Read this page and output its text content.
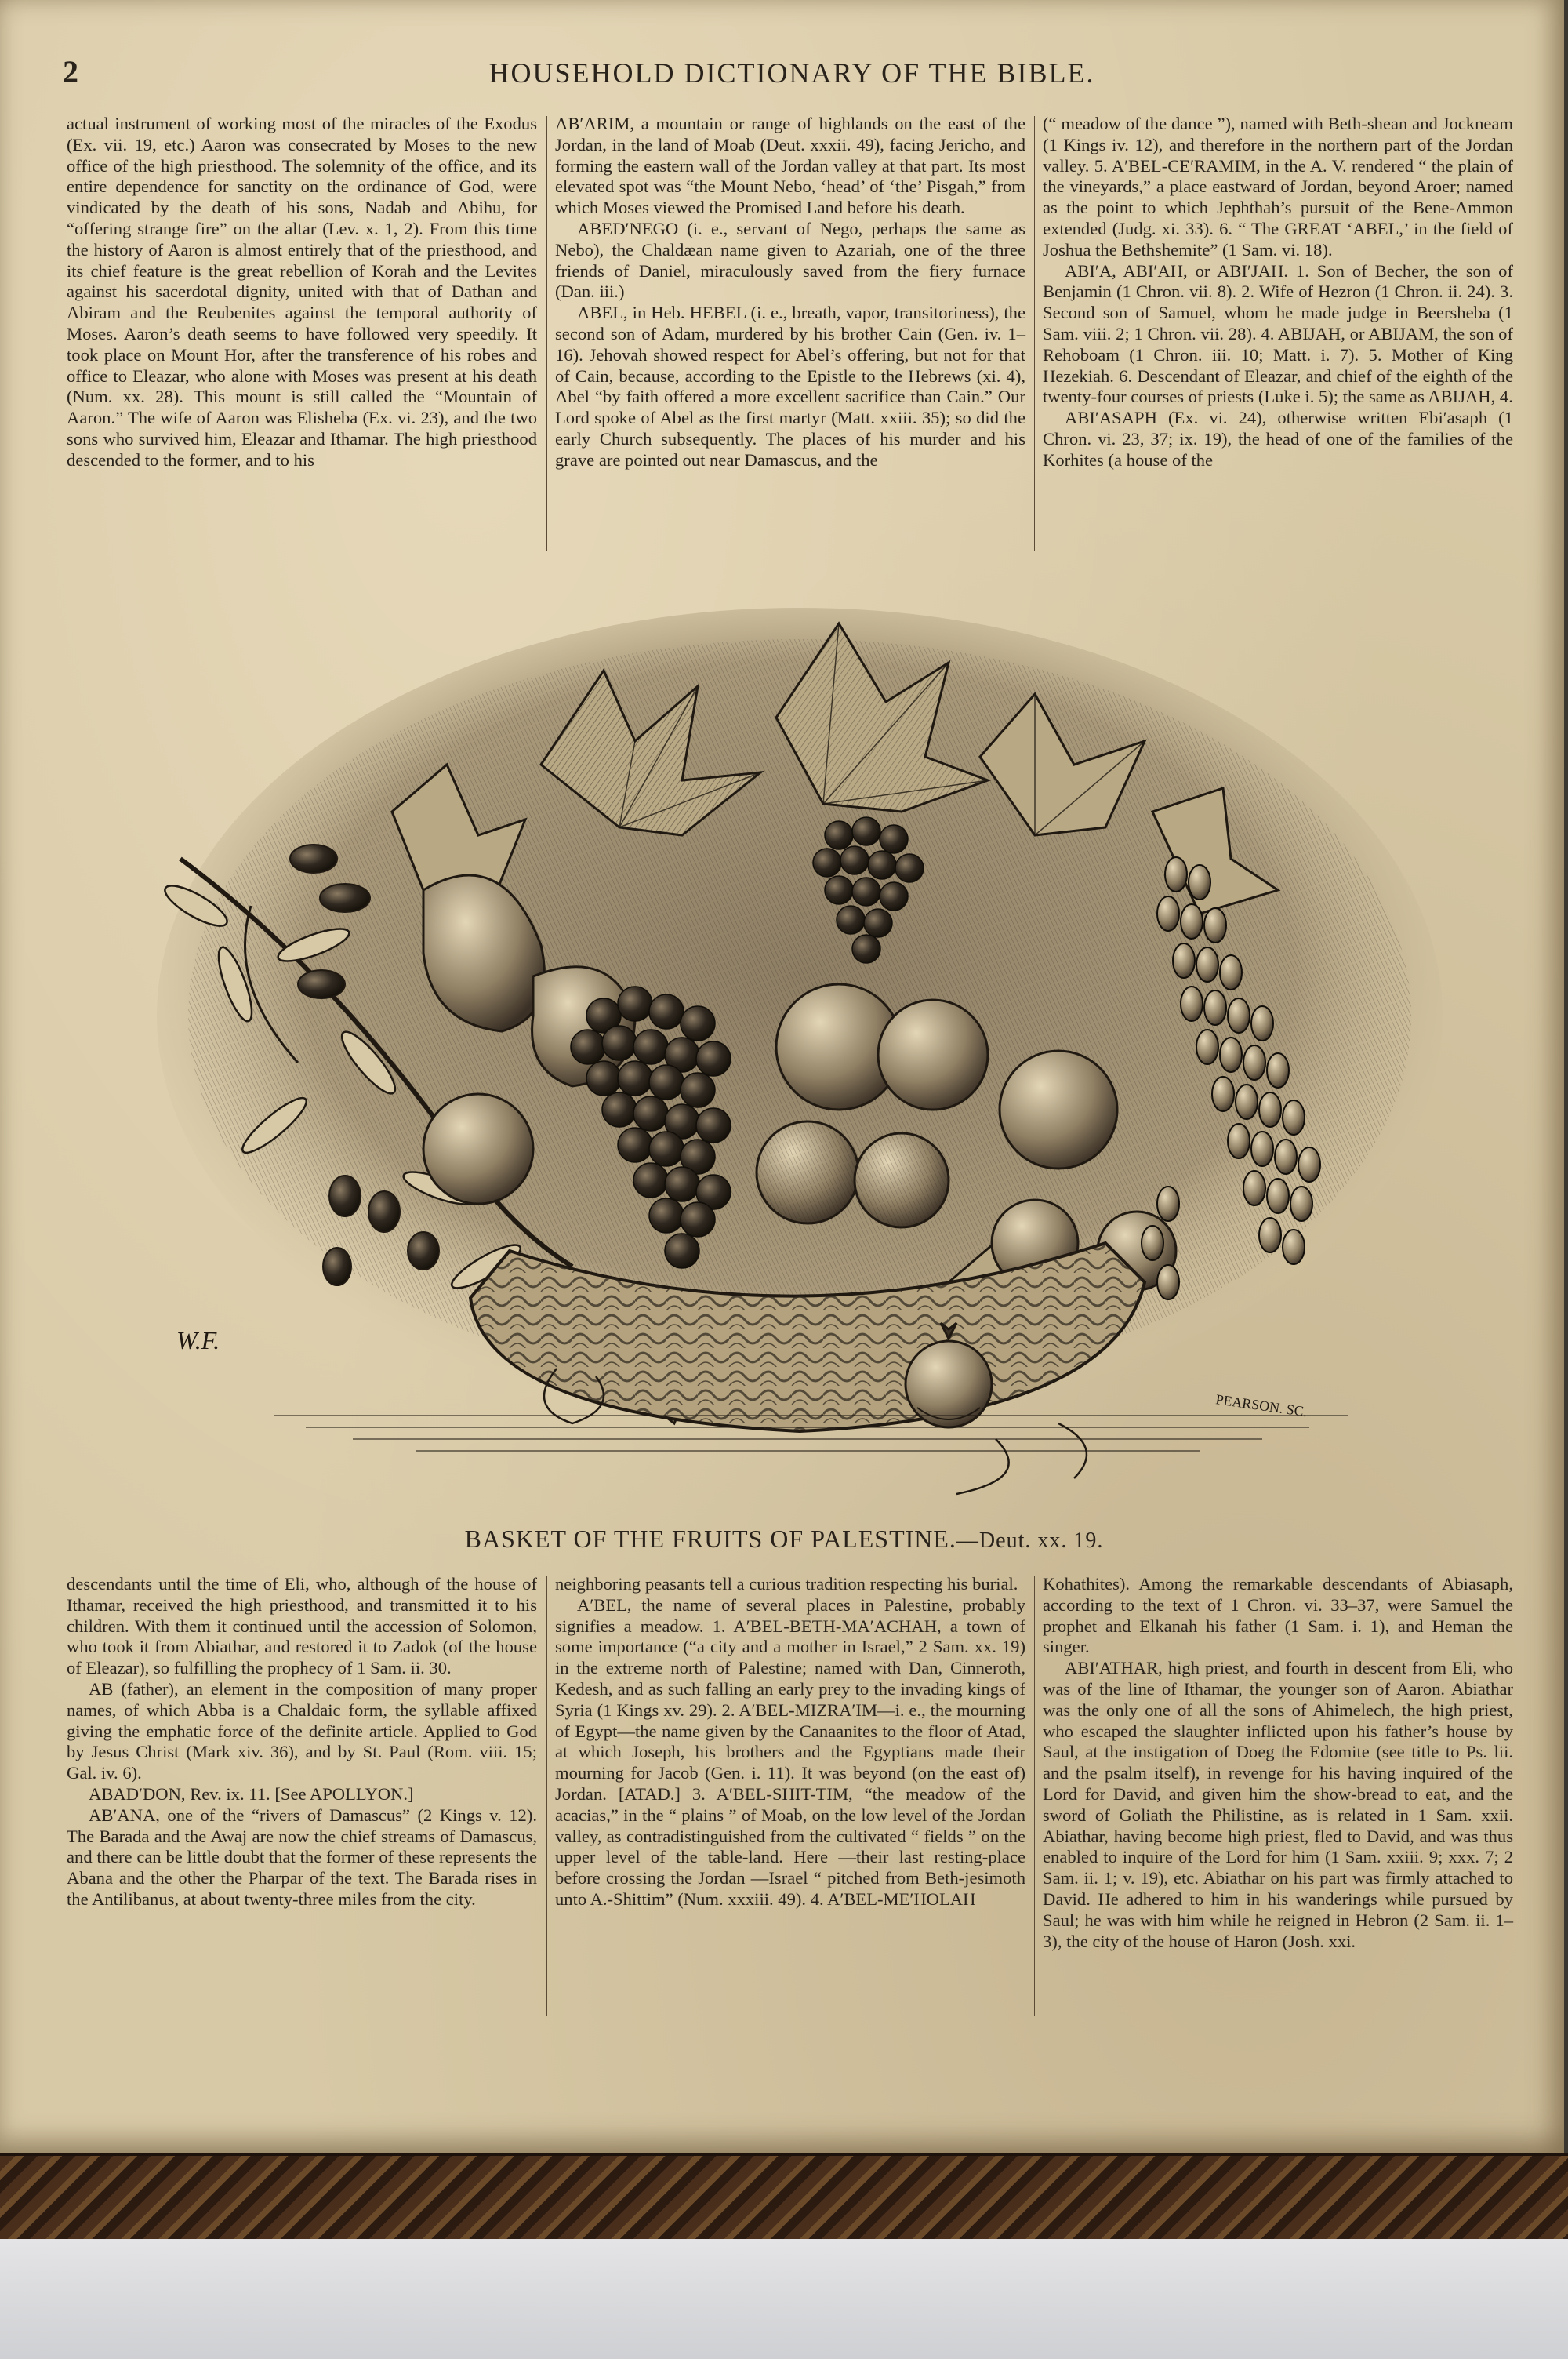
2	HOUSEHOLD DICTIONARY OF THE BIBLE.

actual instrument of working most of the miracles of the Exodus (Ex. vii. 19, etc.) Aaron was consecrated by Moses to the new office of the high priesthood. The solemnity of the office, and its entire dependence for sanctity on the ordinance of God, were vindicated by the death of his sons, Nadab and Abihu, for “offering strange fire” on the altar (Lev. x. 1, 2). From this time the history of Aaron is almost entirely that of the priesthood, and its chief feature is the great rebellion of Korah and the Levites against his sacerdotal dignity, united with that of Dathan and Abiram and the Reubenites against the temporal authority of Moses. Aaron’s death seems to have followed very speedily. It took place on Mount Hor, after the transference of his robes and office to Eleazar, who alone with Moses was present at his death (Num. xx. 28). This mount is still called the “Mountain of Aaron.” The wife of Aaron was Elisheba (Ex. vi. 23), and the two sons who survived him, Eleazar and Ithamar. The high priesthood descended to the former, and to his

AB′ARIM, a mountain or range of highlands on the east of the Jordan, in the land of Moab (Deut. xxxii. 49), facing Jericho, and forming the eastern wall of the Jordan valley at that part. Its most elevated spot was “the Mount Nebo, ‘head’ of ‘the’ Pisgah,” from which Moses viewed the Promised Land before his death.

ABED′NEGO (i. e., servant of Nego, perhaps the same as Nebo), the Chaldæan name given to Azariah, one of the three friends of Daniel, miraculously saved from the fiery furnace (Dan. iii.)

ABEL, in Heb. HEBEL (i. e., breath, vapor, transitoriness), the second son of Adam, murdered by his brother Cain (Gen. iv. 1–16). Jehovah showed respect for Abel’s offering, but not for that of Cain, because, according to the Epistle to the Hebrews (xi. 4), Abel “by faith offered a more excellent sacrifice than Cain.” Our Lord spoke of Abel as the first martyr (Matt. xxiii. 35); so did the early Church subsequently. The places of his murder and his grave are pointed out near Damascus, and the

(“ meadow of the dance ”), named with Beth-shean and Jockneam (1 Kings iv. 12), and therefore in the northern part of the Jordan valley. 5. A′BEL-CE′RAMIM, in the A. V. rendered “ the plain of the vineyards,” a place eastward of Jordan, beyond Aroer; named as the point to which Jephthah’s pursuit of the Bene-Ammon extended (Judg. xi. 33). 6. “ The GREAT ‘ABEL,’ in the field of Joshua the Bethshemite” (1 Sam. vi. 18).

ABI′A, ABI′AH, or ABI′JAH. 1. Son of Becher, the son of Benjamin (1 Chron. vii. 8). 2. Wife of Hezron (1 Chron. ii. 24). 3. Second son of Samuel, whom he made judge in Beersheba (1 Sam. viii. 2; 1 Chron. vii. 28). 4. ABIJAH, or ABIJAM, the son of Rehoboam (1 Chron. iii. 10; Matt. i. 7). 5. Mother of King Hezekiah. 6. Descendant of Eleazar, and chief of the eighth of the twenty-four courses of priests (Luke i. 5); the same as ABIJAH, 4.

ABI′ASAPH (Ex. vi. 24), otherwise written Ebi′asaph (1 Chron. vi. 23, 37; ix. 19), the head of one of the families of the Korhites (a house of the

W.F.
PEARSON. SC.
BASKET OF THE FRUITS OF PALESTINE.—Deut. xx. 19.

descendants until the time of Eli, who, although of the house of Ithamar, received the high priesthood, and transmitted it to his children. With them it continued until the accession of Solomon, who took it from Abiathar, and restored it to Zadok (of the house of Eleazar), so fulfilling the prophecy of 1 Sam. ii. 30.

AB (father), an element in the composition of many proper names, of which Abba is a Chaldaic form, the syllable affixed giving the emphatic force of the definite article. Applied to God by Jesus Christ (Mark xiv. 36), and by St. Paul (Rom. viii. 15; Gal. iv. 6).

ABAD′DON, Rev. ix. 11. [See APOLLYON.]

AB′ANA, one of the “rivers of Damascus” (2 Kings v. 12). The Barada and the Awaj are now the chief streams of Damascus, and there can be little doubt that the former of these represents the Abana and the other the Pharpar of the text. The Barada rises in the Antilibanus, at about twenty-three miles from the city.

neighboring peasants tell a curious tradition respecting his burial.

A′BEL, the name of several places in Palestine, probably signifies a meadow. 1. A′BEL-BETH-MA′ACHAH, a town of some importance (“a city and a mother in Israel,” 2 Sam. xx. 19) in the extreme north of Palestine; named with Dan, Cinneroth, Kedesh, and as such falling an early prey to the invading kings of Syria (1 Kings xv. 29). 2. A′BEL-MIZRA′IM—i. e., the mourning of Egypt—the name given by the Canaanites to the floor of Atad, at which Joseph, his brothers and the Egyptians made their mourning for Jacob (Gen. i. 11). It was beyond (on the east of) Jordan. [ATAD.] 3. A′BEL-SHIT-TIM, “the meadow of the acacias,” in the “ plains ” of Moab, on the low level of the Jordan valley, as contradistinguished from the cultivated “ fields ” on the upper level of the table-land. Here —their last resting-place before crossing the Jordan —Israel “ pitched from Beth-jesimoth unto A.-Shittim” (Num. xxxiii. 49). 4. A′BEL-ME′HOLAH

Kohathites). Among the remarkable descendants of Abiasaph, according to the text of 1 Chron. vi. 33–37, were Samuel the prophet and Elkanah his father (1 Sam. i. 1), and Heman the singer.

ABI′ATHAR, high priest, and fourth in descent from Eli, who was of the line of Ithamar, the younger son of Aaron. Abiathar was the only one of all the sons of Ahimelech, the high priest, who escaped the slaughter inflicted upon his father’s house by Saul, at the instigation of Doeg the Edomite (see title to Ps. lii. and the psalm itself), in revenge for his having inquired of the Lord for David, and given him the show-bread to eat, and the sword of Goliath the Philistine, as is related in 1 Sam. xxii. Abiathar, having become high priest, fled to David, and was thus enabled to inquire of the Lord for him (1 Sam. xxiii. 9; xxx. 7; 2 Sam. ii. 1; v. 19), etc. Abiathar on his part was firmly attached to David. He adhered to him in his wanderings while pursued by Saul; he was with him while he reigned in Hebron (2 Sam. ii. 1–3), the city of the house of Haron (Josh. xxi.
